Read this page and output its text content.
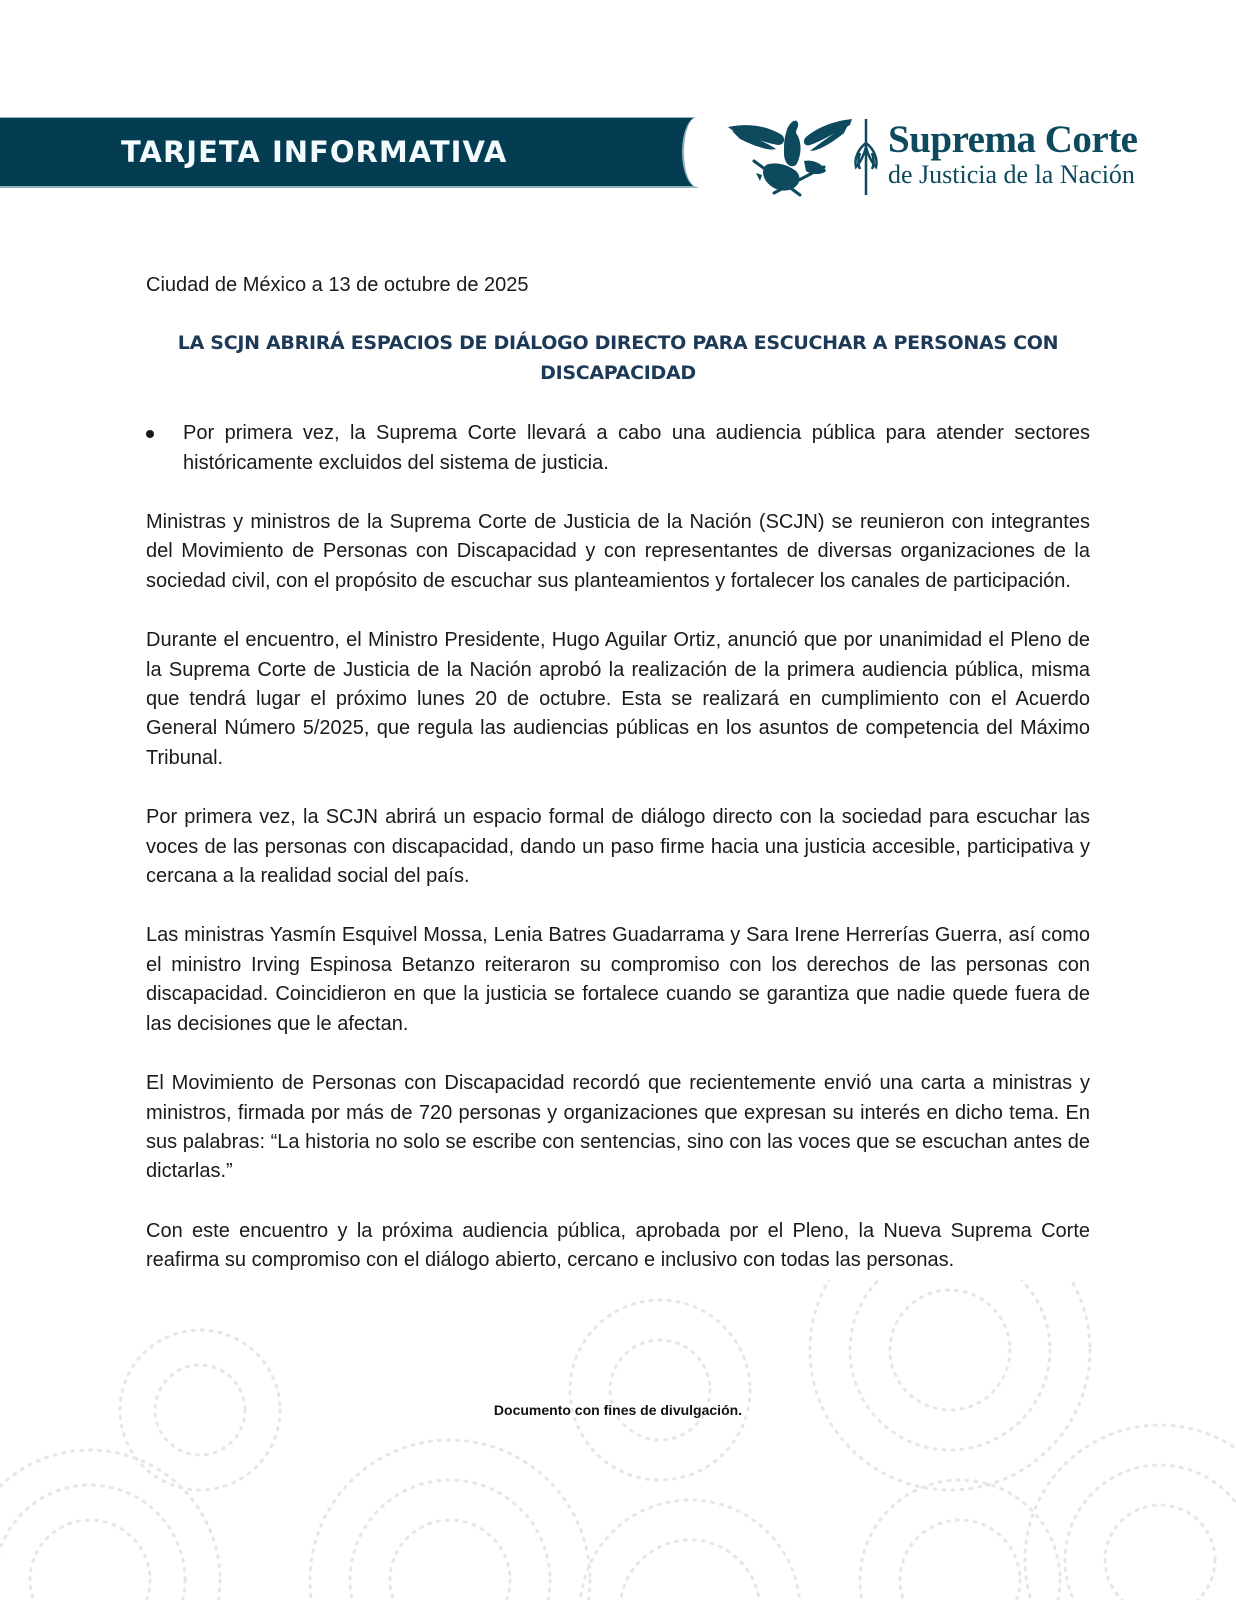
TARJETA INFORMATIVA	Suprema Corte
de Justicia de la Nación

Ciudad de México a 13 de octubre de 2025

LA SCJN ABRIRÁ ESPACIOS DE DIÁLOGO DIRECTO PARA ESCUCHAR A PERSONAS CON DISCAPACIDAD
Por primera vez, la Suprema Corte llevará a cabo una audiencia pública para atender sectores históricamente excluidos del sistema de justicia.

Ministras y ministros de la Suprema Corte de Justicia de la Nación (SCJN) se reunieron con integrantes del Movimiento de Personas con Discapacidad y con representantes de diversas organizaciones de la sociedad civil, con el propósito de escuchar sus planteamientos y fortalecer los canales de participación.

Durante el encuentro, el Ministro Presidente, Hugo Aguilar Ortiz, anunció que por unanimidad el Pleno de la Suprema Corte de Justicia de la Nación aprobó la realización de la primera audiencia pública, misma que tendrá lugar el próximo lunes 20 de octubre. Esta se realizará en cumplimiento con el Acuerdo General Número 5/2025, que regula las audiencias públicas en los asuntos de competencia del Máximo Tribunal.

Por primera vez, la SCJN abrirá un espacio formal de diálogo directo con la sociedad para escuchar las voces de las personas con discapacidad, dando un paso firme hacia una justicia accesible, participativa y cercana a la realidad social del país.

Las ministras Yasmín Esquivel Mossa, Lenia Batres Guadarrama y Sara Irene Herrerías Guerra, así como el ministro Irving Espinosa Betanzo reiteraron su compromiso con los derechos de las personas con discapacidad. Coincidieron en que la justicia se fortalece cuando se garantiza que nadie quede fuera de las decisiones que le afectan.

El Movimiento de Personas con Discapacidad recordó que recientemente envió una carta a ministras y ministros, firmada por más de 720 personas y organizaciones que expresan su interés en dicho tema. En sus palabras: “La historia no solo se escribe con sentencias, sino con las voces que se escuchan antes de dictarlas.”

Con este encuentro y la próxima audiencia pública, aprobada por el Pleno, la Nueva Suprema Corte reafirma su compromiso con el diálogo abierto, cercano e inclusivo con todas las personas.

Documento con fines de divulgación.
